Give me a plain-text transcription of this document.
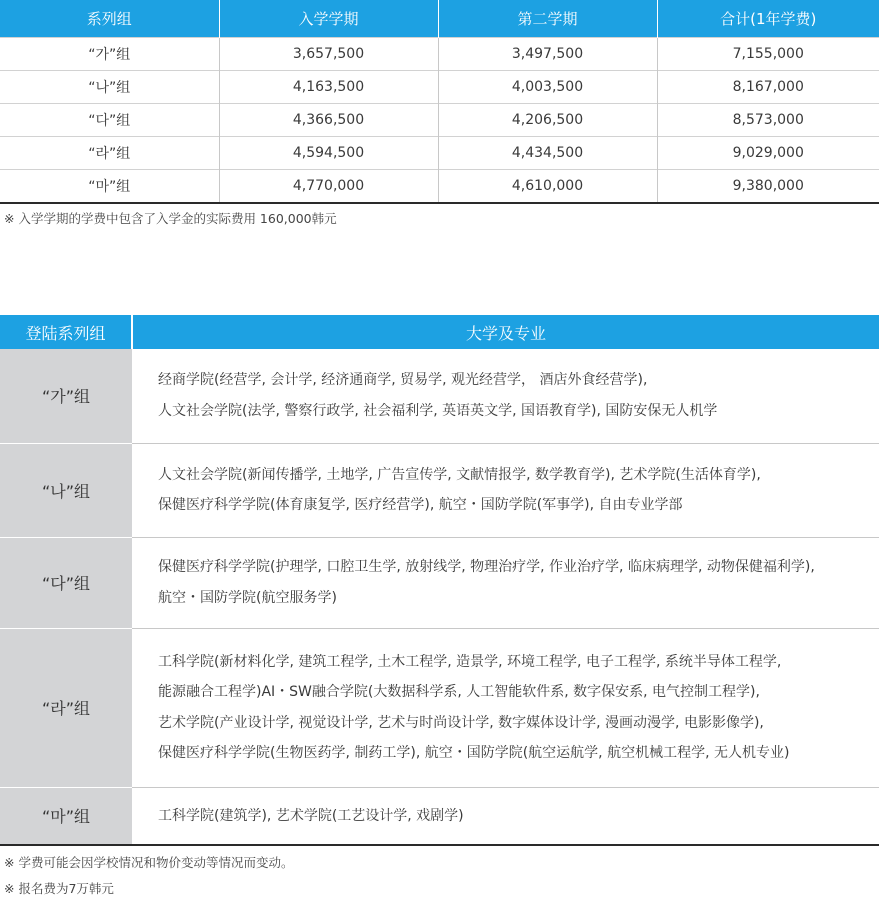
系列组	入学学期	第二学期	合计(1年学费)
“가”组	3,657,500	3,497,500	7,155,000
“나”组	4,163,500	4,003,500	8,167,000
“다”组	4,366,500	4,206,500	8,573,000
“라”组	4,594,500	4,434,500	9,029,000
“마”组	4,770,000	4,610,000	9,380,000

※ 入学学期的学费中包含了入学金的实际费用 160,000韩元

登陆系列组	大学及专业
“가”组	经商学院(经营学, 会计学, 经济通商学, 贸易学, 观光经营学， 酒店外食经营学),
人文社会学院(法学, 警察行政学, 社会福利学, 英语英文学, 国语教育学), 国防安保无人机学

“나”组	人文社会学院(新闻传播学, 土地学, 广告宣传学, 文献情报学, 数学教育学), 艺术学院(生活体育学),
保健医疗科学学院(体育康复学, 医疗经营学), 航空・国防学院(军事学), 自由专业学部

“다”组	保健医疗科学学院(护理学, 口腔卫生学, 放射线学, 物理治疗学, 作业治疗学, 临床病理学, 动物保健福利学),
航空・国防学院(航空服务学)

“라”组	工科学院(新材料化学, 建筑工程学, 土木工程学, 造景学, 环境工程学, 电子工程学, 系统半导体工程学,
能源融合工程学)AI・SW融合学院(大数据科学系, 人工智能软件系, 数字保安系, 电气控制工程学),
艺术学院(产业设计学, 视觉设计学, 艺术与时尚设计学, 数字媒体设计学, 漫画动漫学, 电影影像学),
保健医疗科学学院(生物医药学, 制药工学), 航空・国防学院(航空运航学, 航空机械工程学, 无人机专业)

“마”组	工科学院(建筑学), 艺术学院(工艺设计学, 戏剧学)

※ 学费可能会因学校情况和物价变动等情况而变动。

※ 报名费为7万韩元
